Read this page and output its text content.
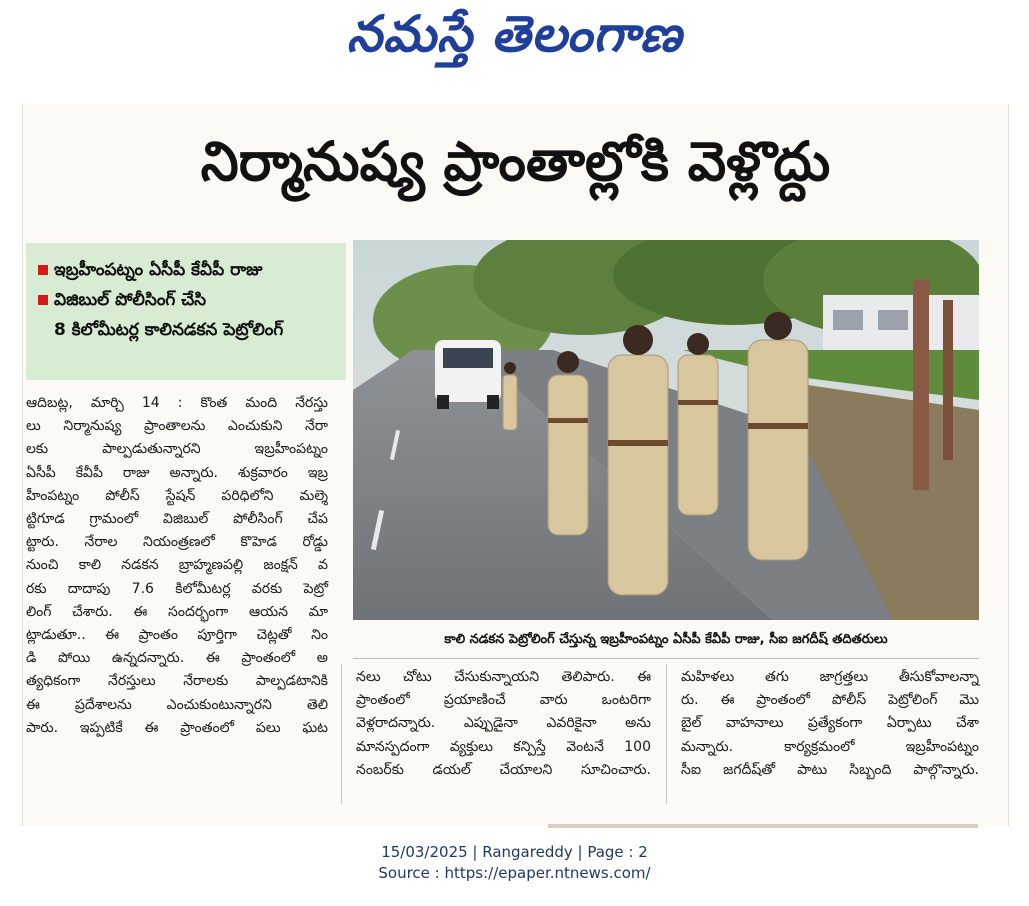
నమస్తే తెలంగాణ
నిర్మానుష్య ప్రాంతాల్లోకి వెళ్లొద్దు
ఇబ్రహీంపట్నం ఏసీపీ కేవీపీ రాజు
విజిబుల్ పోలీసింగ్ చేసి
8 కిలోమీటర్ల కాలినడకన పెట్రోలింగ్
కాలి నడకన పెట్రోలింగ్ చేస్తున్న ఇబ్రహీంపట్నం ఏసీపీ కేవీపీ రాజు, సీఐ జగదీష్ తదితరులు

ఆదిబట్ల, మార్చి 14 : కొంత మంది నేరస్తు

లు నిర్మానుష్య ప్రాంతాలను ఎంచుకుని నేరా

లకు పాల్పడుతున్నారని ఇబ్రహీంపట్నం

ఏసీపీ కేవీపీ రాజు అన్నారు. శుక్రవారం ఇబ్ర

హీంపట్నం పోలీస్ స్టేషన్ పరిధిలోని మల్శె

ట్టిగూడ గ్రామంలో విజిబుల్ పోలీసింగ్ చేప

ట్టారు. నేరాల నియంత్రణలో కొహెడ రోడ్డు

నుంచి కాలి నడకన బ్రాహ్మణపల్లి జంక్షన్ వ

రకు దాదాపు 7.6 కిలోమీటర్ల వరకు పెట్రో

లింగ్ చేశారు. ఈ సందర్భంగా ఆయన మా

ట్లాడుతూ.. ఈ ప్రాంతం పూర్తిగా చెట్లతో నిం

డి పోయి ఉన్నదన్నారు. ఈ ప్రాంతంలో అ

త్యధికంగా నేరస్తులు నేరాలకు పాల్పడటానికి

ఈ ప్రదేశాలను ఎంచుకుంటున్నారని తెలి

పారు. ఇప్పటికే ఈ ప్రాంతంలో పలు ఘట

నలు చోటు చేసుకున్నాయని తెలిపారు. ఈ

ప్రాంతంలో ప్రయాణించే వారు ఒంటరిగా

వెళ్లరాదన్నారు. ఎప్పుడైనా ఎవరికైనా అను

మానస్పదంగా వ్యక్తులు కన్పిస్తే వెంటనే 100

నంబర్‌కు డయల్ చేయాలని సూచించారు.

మహిళలు తగు జాగ్రత్తలు తీసుకోవాలన్నా

రు. ఈ ప్రాంతంలో పోలీస్ పెట్రోలింగ్ మొ

బైల్ వాహనాలు ప్రత్యేకంగా ఏర్పాటు చేశా

మన్నారు. కార్యక్రమంలో ఇబ్రహీంపట్నం

సీఐ జగదీష్‌తో పాటు సిబ్బంది పాల్గొన్నారు.

15/03/2025 | Rangareddy | Page : 2
Source : https://epaper.ntnews.com/
